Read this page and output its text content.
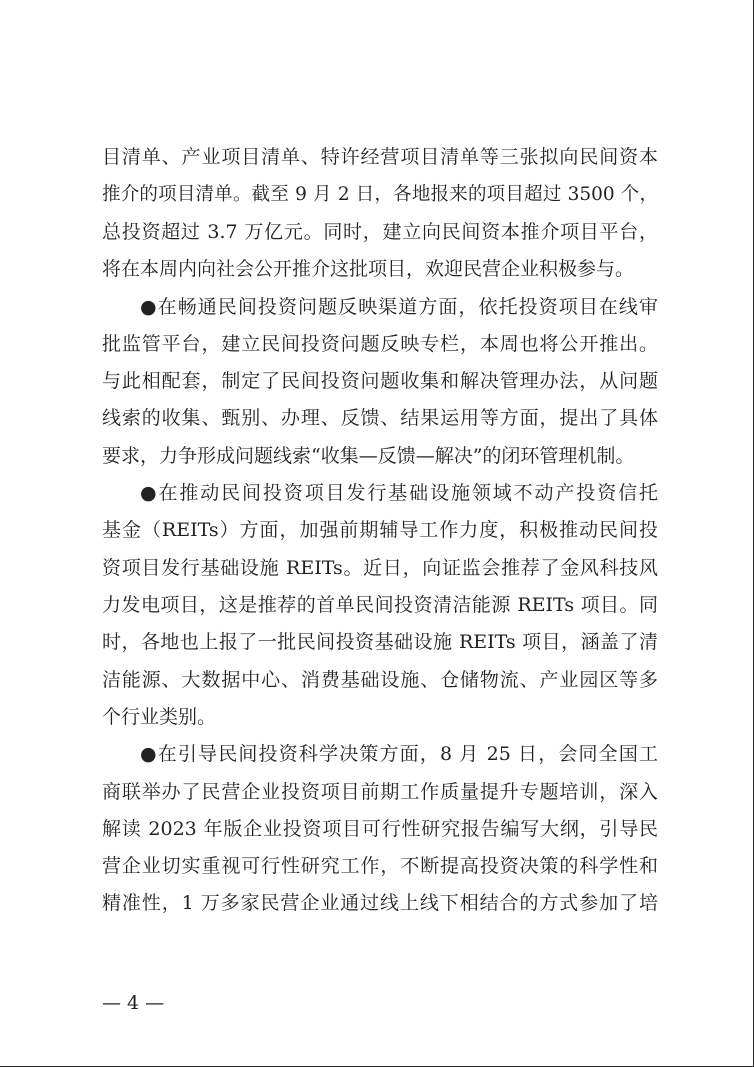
目清单、产业项目清单、特许经营项目清单等三张拟向民间资本
推介的项目清单。截至 9 月 2 日，各地报来的项目超过 3500 个，
总投资超过 3.7 万亿元。同时，建立向民间资本推介项目平台，
将在本周内向社会公开推介这批项目，欢迎民营企业积极参与。
●在畅通民间投资问题反映渠道方面，依托投资项目在线审
批监管平台，建立民间投资问题反映专栏，本周也将公开推出。
与此相配套，制定了民间投资问题收集和解决管理办法，从问题
线索的收集、甄别、办理、反馈、结果运用等方面，提出了具体
要求，力争形成问题线索“收集—反馈—解决”的闭环管理机制。
●在推动民间投资项目发行基础设施领域不动产投资信托
基金（REITs）方面，加强前期辅导工作力度，积极推动民间投
资项目发行基础设施 REITs。近日，向证监会推荐了金风科技风
力发电项目，这是推荐的首单民间投资清洁能源 REITs 项目。同
时，各地也上报了一批民间投资基础设施 REITs 项目，涵盖了清
洁能源、大数据中心、消费基础设施、仓储物流、产业园区等多
个行业类别。
●在引导民间投资科学决策方面，8 月 25 日，会同全国工
商联举办了民营企业投资项目前期工作质量提升专题培训，深入
解读 2023 年版企业投资项目可行性研究报告编写大纲，引导民
营企业切实重视可行性研究工作，不断提高投资决策的科学性和
精准性，1 万多家民营企业通过线上线下相结合的方式参加了培
— 4 —
